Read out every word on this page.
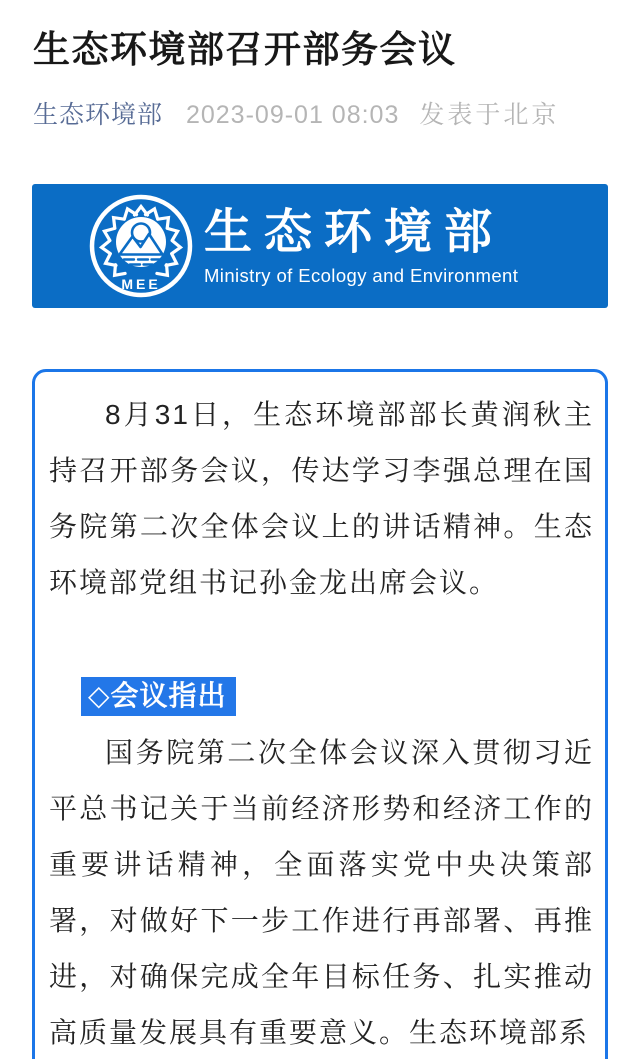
生态环境部召开部务会议
生态环境部 2023-09-01 08:03 发表于北京
MEE
生态环境部
Ministry of Ecology and Environment

8月31日，生态环境部部长黄润秋主持召开部务会议，传达学习李强总理在国务院第二次全体会议上的讲话精神。生态环境部党组书记孙金龙出席会议。

◇会议指出

国务院第二次全体会议深入贯彻习近平总书记关于当前经济形势和经济工作的重要讲话精神，全面落实党中央决策部署，对做好下一步工作进行再部署、再推进，对确保完成全年目标任务、扎实推动高质量发展具有重要意义。生态环境部系
